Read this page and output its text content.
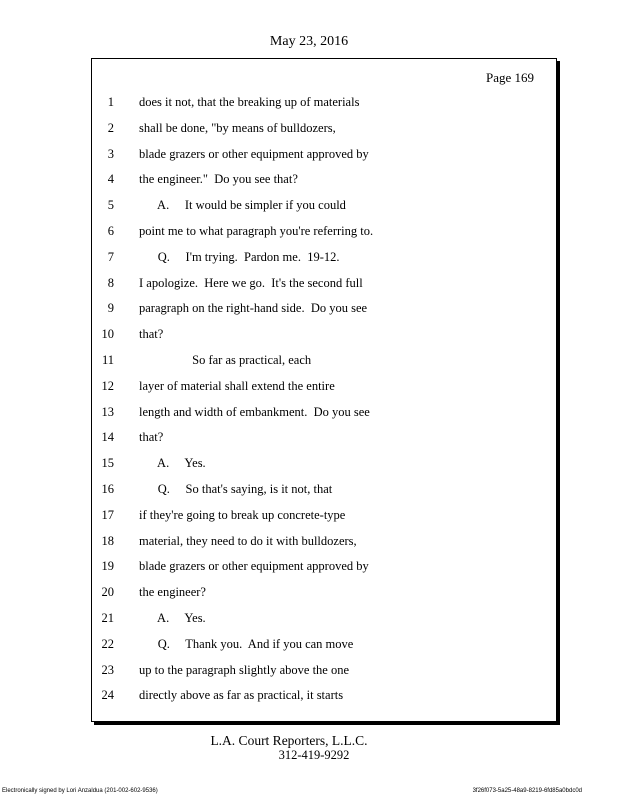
May 23, 2016
Page 169
1 does it not, that the breaking up of materials
2 shall be done, "by means of bulldozers,
3 blade grazers or other equipment approved by
4 the engineer."  Do you see that?
5 A.     It would be simpler if you could
6 point me to what paragraph you're referring to.
7 Q.     I'm trying.  Pardon me.  19-12.
8 I apologize.  Here we go.  It's the second full
9 paragraph on the right-hand side.  Do you see
10 that?
11 So far as practical, each
12 layer of material shall extend the entire
13 length and width of embankment.  Do you see
14 that?
15 A.     Yes.
16 Q.     So that's saying, is it not, that
17 if they're going to break up concrete-type
18 material, they need to do it with bulldozers,
19 blade grazers or other equipment approved by
20 the engineer?
21 A.     Yes.
22 Q.     Thank you.  And if you can move
23 up to the paragraph slightly above the one
24 directly above as far as practical, it starts
L.A. Court Reporters, L.L.C.
312-419-9292
Electronically signed by Lori Anzaldua (201-002-602-9536)	3f26f073-5a25-48a9-8219-6fd85a0bdc0d
